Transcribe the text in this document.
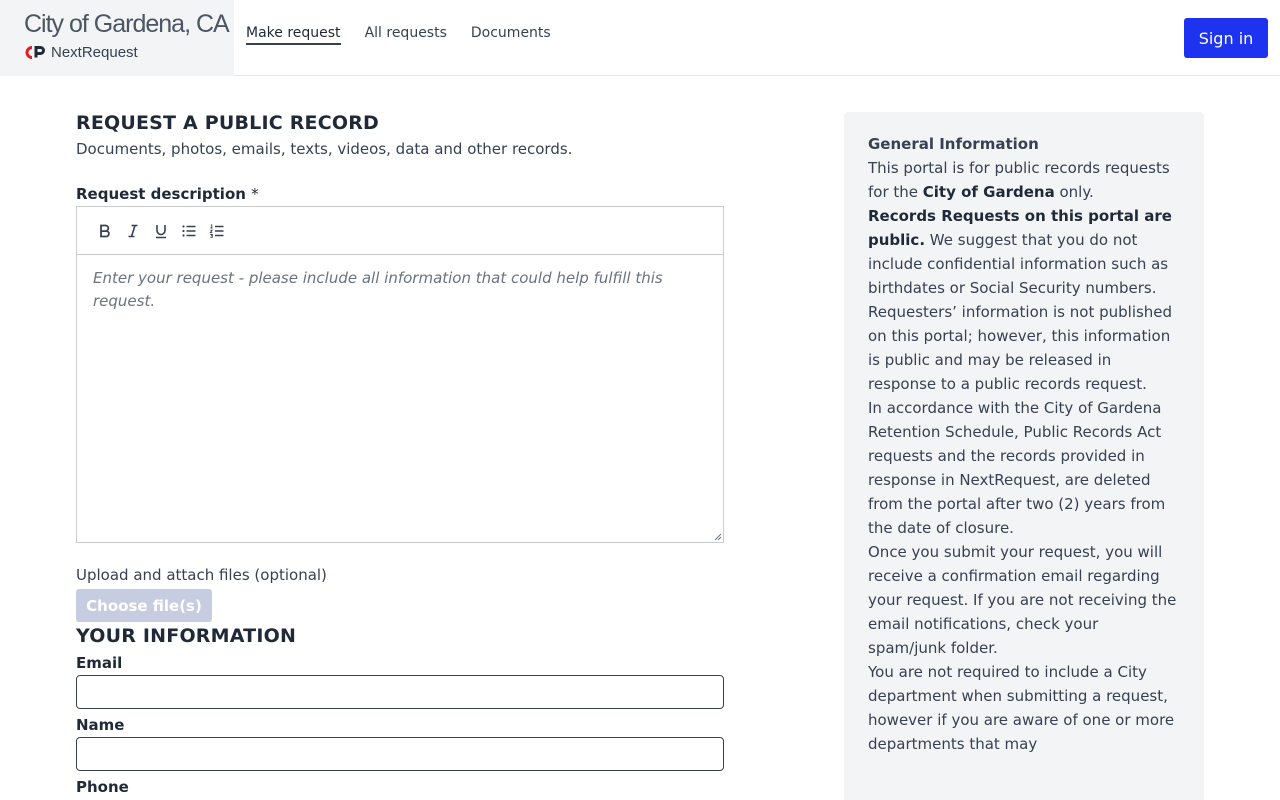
City of Gardena, CA
NextRequest
Make request All requests Documents	Sign in
REQUEST A PUBLIC RECORD
Documents, photos, emails, texts, videos, data and other records.
Request description *
Enter your request - please include all information that could help fulfill this request.
Upload and attach files (optional)
Choose file(s)
YOUR INFORMATION
Email
Name
Phone

General Information

This portal is for public records requests for the City of Gardena only.

Records Requests on this portal are public. We suggest that you do not include confidential information such as birthdates or Social Security numbers.

Requesters’ information is not published on this portal; however, this information is public and may be released in response to a public records request.

In accordance with the City of Gardena Retention Schedule, Public Records Act requests and the records provided in response in NextRequest, are deleted from the portal after two (2) years from the date of closure.

Once you submit your request, you will receive a confirmation email regarding your request. If you are not receiving the email notifications, check your spam/junk folder.

You are not required to include a City department when submitting a request, however if you are aware of one or more departments that may
